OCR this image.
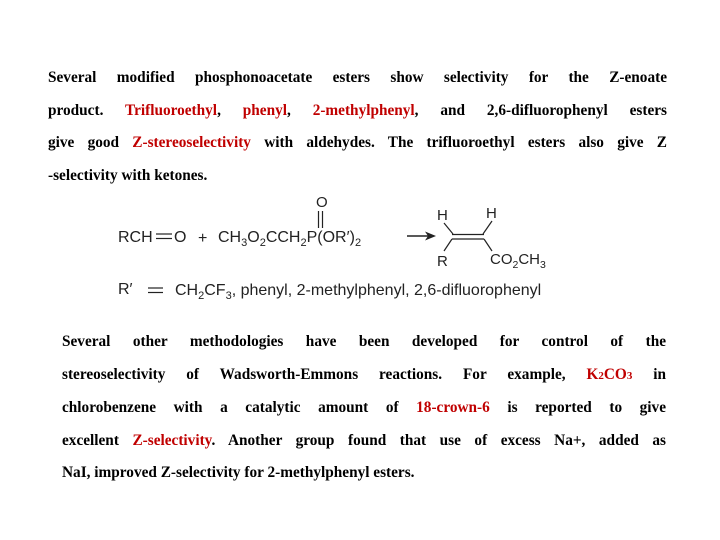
Several modified phosphonoacetate esters show selectivity for the Z-enoate
product. Trifluoroethyl, phenyl, 2-methylphenyl, and 2,6-difluorophenyl esters
give good Z-stereoselectivity with aldehydes. The trifluoroethyl esters also give Z
-selectivity with ketones.
O
RCH $O + CH_3O_2CCH_2P(OR')_2$
H	H
R	$CO_2CH_3$
R′	$CH_2CF_3$, phenyl, 2-methylphenyl, 2,6-difluorophenyl
Several other methodologies have been developed for control of the
stereoselectivity of Wadsworth-Emmons reactions. For example, K2CO3 in
chlorobenzene with a catalytic amount of 18-crown-6 is reported to give
excellent Z-selectivity. Another group found that use of excess Na+, added as
NaI, improved Z-selectivity for 2-methylphenyl esters.
